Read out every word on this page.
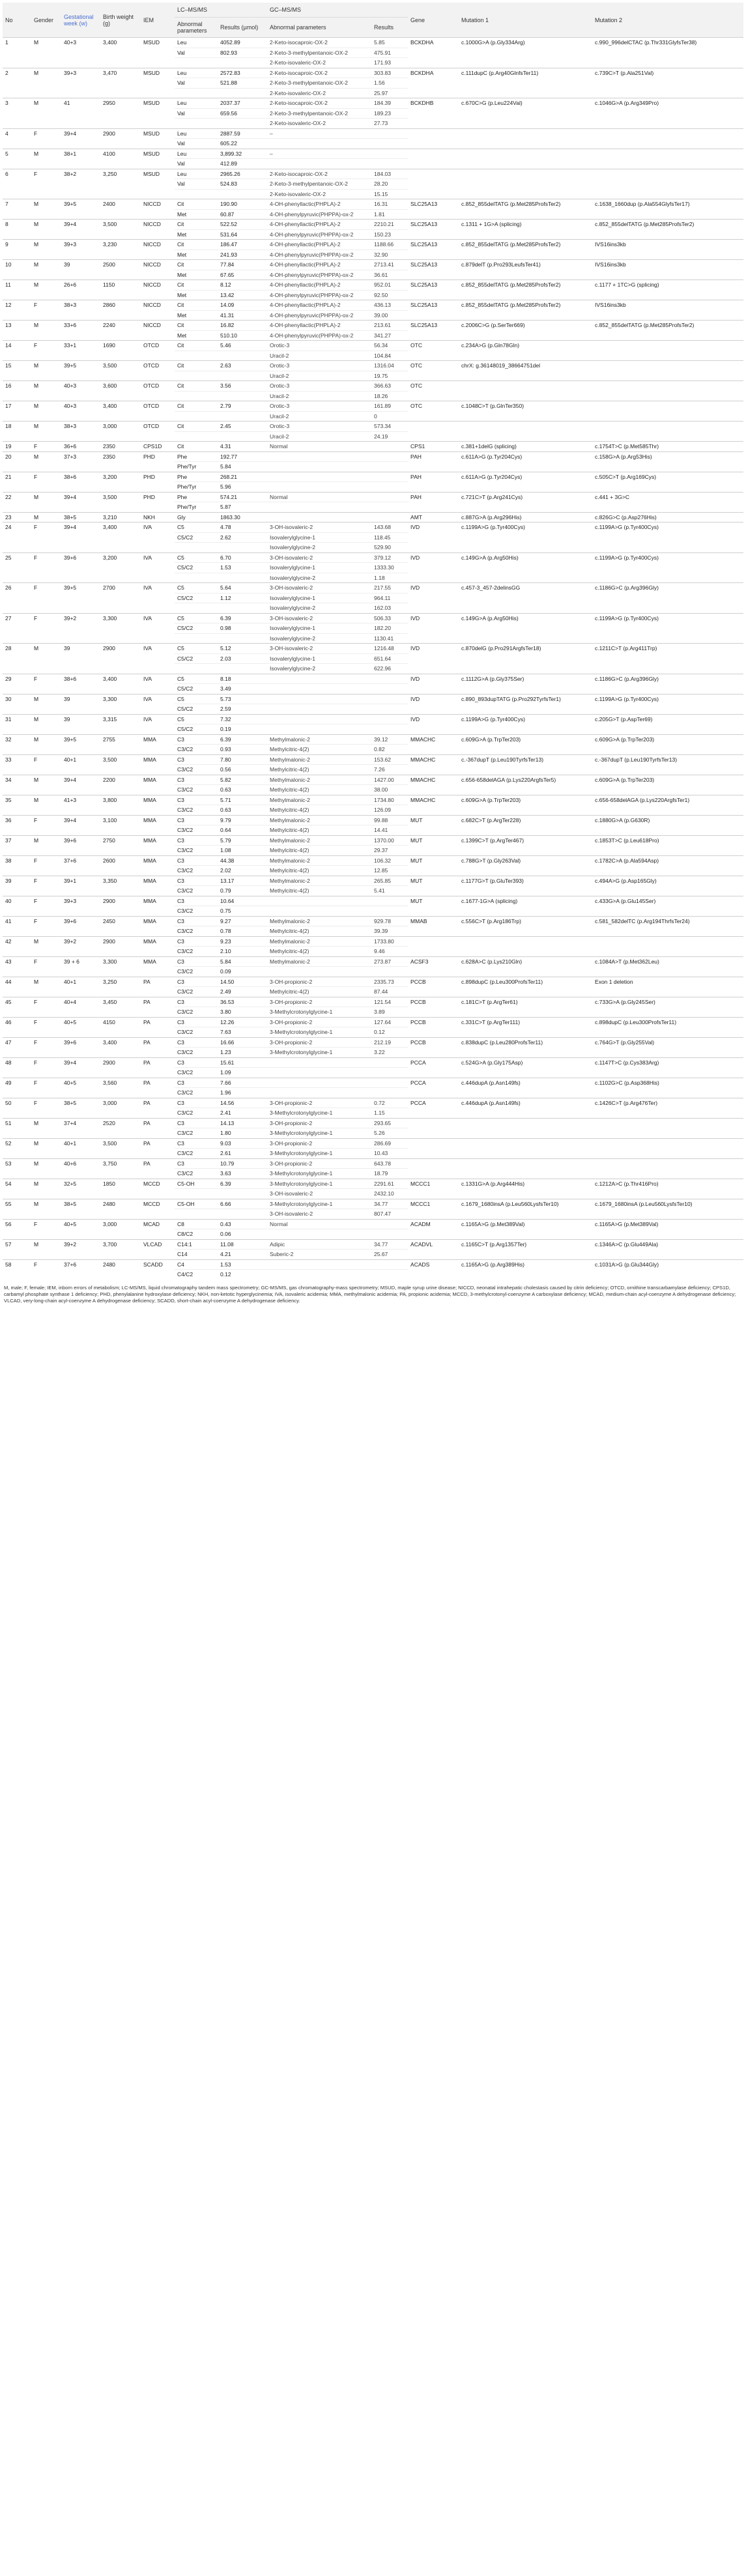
No	Gender	Gestational week (w)	Birth weight (g)	IEM	LC–MS/MS		GC–MS/MS		Gene	Mutation 1	Mutation 2
					Abnormal parameters	Results (µmol)	Abnormal parameters	Results			
1	M	40+3	3,400	MSUD	Leu	4052.89	2-Keto-isocaproic-OX-2	5.85	BCKDHA	c.1000G>A (p.Gly334Arg)	c.990_996delCTAC (p.Thr331GlyfsTer38)
					Val	802.93	2-Keto-3-methylpentanoic-OX-2	475.91			
							2-Keto-isovaleric-OX-2	171.93			
2	M	39+3	3,470	MSUD	Leu	2572.83	2-Keto-isocaproic-OX-2	303.83	BCKDHA	c.111dupC (p.Arg40GlnfsTer11)	c.739C>T (p.Ala251Val)
					Val	521.88	2-Keto-3-methylpentanoic-OX-2	1.56			
							2-Keto-isovaleric-OX-2	25.97			
3	M	41	2950	MSUD	Leu	2037.37	2-Keto-isocaproic-OX-2	184.39	BCKDHB	c.670C>G (p.Leu224Val)	c.1046G>A (p.Arg349Pro)
					Val	659.56	2-Keto-3-methylpentanoic-OX-2	189.23			
							2-Keto-isovaleric-OX-2	27.73			
4	F	39+4	2900	MSUD	Leu	2887.59	–				
					Val	605.22					
5	M	38+1	4100	MSUD	Leu	3,899.32	–				
					Val	412.89					
6	F	38+2	3,250	MSUD	Leu	2965.26	2-Keto-isocaproic-OX-2	184.03			
					Val	524.83	2-Keto-3-methylpentanoic-OX-2	28.20			
							2-Keto-isovaleric-OX-2	15.15			
7	M	39+5	2400	NICCD	Cit	190.90	4-OH-phenyllactic(PHPLA)-2	16.31	SLC25A13	c.852_855delTATG (p.Met285ProfsTer2)	c.1638_1660dup (p.Ala554GlyfsTer17)
					Met	60.87	4-OH-phenylpyruvic(PHPPA)-ox-2	1.81			
8	M	39+4	3,500	NICCD	Cit	522.52	4-OH-phenyllactic(PHPLA)-2	2210.21	SLC25A13	c.1311 + 1G>A (splicing)	c.852_855delTATG (p.Met285ProfsTer2)
					Met	531.64	4-OH-phenylpyruvic(PHPPA)-ox-2	150.23			
9	M	39+3	3,230	NICCD	Cit	186.47	4-OH-phenyllactic(PHPLA)-2	1188.66	SLC25A13	c.852_855delTATG (p.Met285ProfsTer2)	IVS16ins3kb
					Met	241.93	4-OH-phenylpyruvic(PHPPA)-ox-2	32.90			
10	M	39	2500	NICCD	Cit	77.84	4-OH-phenyllactic(PHPLA)-2	2713.41	SLC25A13	c.879delT (p.Pro293LeufsTer41)	IVS16ins3kb
					Met	67.65	4-OH-phenylpyruvic(PHPPA)-ox-2	36.61			
11	M	26+6	1150	NICCD	Cit	8.12	4-OH-phenyllactic(PHPLA)-2	952.01	SLC25A13	c.852_855delTATG (p.Met285ProfsTer2)	c.1177 + 1TC>G (splicing)
					Met	13.42	4-OH-phenylpyruvic(PHPPA)-ox-2	92.50			
12	F	38+3	2860	NICCD	Cit	14.09	4-OH-phenyllactic(PHPLA)-2	436.13	SLC25A13	c.852_855delTATG (p.Met285ProfsTer2)	IVS16ins3kb
					Met	41.31	4-OH-phenylpyruvic(PHPPA)-ox-2	39.00			
13	M	33+6	2240	NICCD	Cit	16.82	4-OH-phenyllactic(PHPLA)-2	213.61	SLC25A13	c.2006C>G (p.SerTer669)	c.852_855delTATG (p.Met285ProfsTer2)
					Met	510.10	4-OH-phenylpyruvic(PHPPA)-ox-2	341.27			
14	F	33+1	1690	OTCD	Cit	5.46	Orotic-3	56.34	OTC	c.234A>G (p.Gln78Gln)	
							Uracil-2	104.84			
15	M	39+5	3,500	OTCD	Cit	2.63	Orotic-3	1316.04	OTC	chrX: g.36148019_38664751del	
							Uracil-2	19.75			
16	M	40+3	3,600	OTCD	Cit	3.56	Orotic-3	366.63	OTC		
							Uracil-2	18.26			
17	M	40+3	3,400	OTCD	Cit	2.79	Orotic-3	161.89	OTC	c.1048C>T (p.GlnTer350)	
							Uracil-2	0			
18	M	38+3	3,000	OTCD	Cit	2.45	Orotic-3	573.34			
							Uracil-2	24.19			
19	F	36+6	2350	CPS1D	Cit	4.31	Normal		CPS1	c.381+1delG (splicing)	c.1754T>C (p.Met585Thr)
20	M	37+3	2350	PHD	Phe	192.77			PAH	c.611A>G (p.Tyr204Cys)	c.158G>A (p.Arg53His)
					Phe/Tyr	5.84					
21	F	38+6	3,200	PHD	Phe	268.21			PAH	c.611A>G (p.Tyr204Cys)	c.505C>T (p.Arg169Cys)
					Phe/Tyr	5.96					
22	M	39+4	3,500	PHD	Phe	574.21	Normal		PAH	c.721C>T (p.Arg241Cys)	c.441 + 3G>C
					Phe/Tyr	5.87					
23	M	38+5	3,210	NKH	Gly	1863.30			AMT	c.887G>A (p.Arg296His)	c.826G>C (p.Asp276His)
24	F	39+4	3,400	IVA	C5	4.78	3-OH-isovaleric-2	143.68	IVD	c.1199A>G (p.Tyr400Cys)	c.1199A>G (p.Tyr400Cys)
					C5/C2	2.62	Isovalerylglycine-1	118.45			
							Isovalerylglycine-2	529.90			
25	F	39+6	3,200	IVA	C5	6.70	3-OH-isovaleric-2	379.12	IVD	c.149G>A (p.Arg50His)	c.1199A>G (p.Tyr400Cys)
					C5/C2	1.53	Isovalerylglycine-1	1333.30			
							Isovalerylglycine-2	1.18			
26	F	39+5	2700	IVA	C5	5.64	3-OH-isovaleric-2	217.55	IVD	c.457-3_457-2delinsGG	c.1186G>C (p.Arg396Gly)
					C5/C2	1.12	Isovalerylglycine-1	964.11			
							Isovalerylglycine-2	162.03			
27	F	39+2	3,300	IVA	C5	6.39	3-OH-isovaleric-2	506.33	IVD	c.149G>A (p.Arg50His)	c.1199A>G (p.Tyr400Cys)
					C5/C2	0.98	Isovalerylglycine-1	182.20			
							Isovalerylglycine-2	1130.41			
28	M	39	2900	IVA	C5	5.12	3-OH-isovaleric-2	1216.48	IVD	c.870delG (p.Pro291ArgfsTer18)	c.1211C>T (p.Arg411Trp)
					C5/C2	2.03	Isovalerylglycine-1	651.64			
							Isovalerylglycine-2	622.96			
29	F	38+6	3,400	IVA	C5	8.18			IVD	c.1112G>A (p.Gly375Ser)	c.1186G>C (p.Arg396Gly)
					C5/C2	3.49					
30	M	39	3,300	IVA	C5	5.73			IVD	c.890_893dupTATG (p.Pro292TyrfsTer1)	c.1199A>G (p.Tyr400Cys)
					C5/C2	2.59					
31	M	39	3,315	IVA	C5	7.32			IVD	c.1199A>G (p.Tyr400Cys)	c.205G>T (p.AspTer69)
					C5/C2	0.19					
32	M	39+5	2755	MMA	C3	6.39	Methylmalonic-2	39.12	MMACHC	c.609G>A (p.TrpTer203)	c.609G>A (p.TrpTer203)
					C3/C2	0.93	Methylcitric-4(2)	0.82			
33	F	40+1	3,500	MMA	C3	7.80	Methylmalonic-2	153.62	MMACHC	c.-367dupT (p.Leu190TyrfsTer13)	c.-367dupT (p.Leu190TyrfsTer13)
					C3/C2	0.56	Methylcitric-4(2)	7.26			
34	M	39+4	2200	MMA	C3	5.82	Methylmalonic-2	1427.00	MMACHC	c.656-658delAGA (p.Lys220ArgfsTer5)	c.609G>A (p.TrpTer203)
					C3/C2	0.63	Methylcitric-4(2)	38.00			
35	M	41+3	3,800	MMA	C3	5.71	Methylmalonic-2	1734.80	MMACHC	c.609G>A (p.TrpTer203)	c.656-658delAGA (p.Lys220ArgfsTer1)
					C3/C2	0.63	Methylcitric-4(2)	126.09			
36	F	39+4	3,100	MMA	C3	9.79	Methylmalonic-2	99.88	MUT	c.682C>T (p.ArgTer228)	c.1880G>A (p.G630R)
					C3/C2	0.64	Methylcitric-4(2)	14.41			
37	M	39+6	2750	MMA	C3	5.79	Methylmalonic-2	1370.00	MUT	c.1399C>T (p.ArgTer467)	c.1853T>C (p.Leu618Pro)
					C3/C2	1.08	Methylcitric-4(2)	29.37			
38	F	37+6	2600	MMA	C3	44.38	Methylmalonic-2	106.32	MUT	c.788G>T (p.Gly263Val)	c.1782C>A (p.Ala594Asp)
					C3/C2	2.02	Methylcitric-4(2)	12.85			
39	F	39+1	3,350	MMA	C3	13.17	Methylmalonic-2	265.85	MUT	c.1177G>T (p.GluTer393)	c.494A>G (p.Asp165Gly)
					C3/C2	0.79	Methylcitric-4(2)	5.41			
40	F	39+3	2900	MMA	C3	10.64			MUT	c.1677-1G>A (splicing)	c.433G>A (p.Glu145Ser)
					C3/C2	0.75					
41	F	39+6	2450	MMA	C3	9.27	Methylmalonic-2	929.78	MMAB	c.556C>T (p.Arg186Trp)	c.581_582delTC (p.Arg194ThrfsTer24)
					C3/C2	0.78	Methylcitric-4(2)	39.39			
42	M	39+2	2900	MMA	C3	9.23	Methylmalonic-2	1733.80			
					C3/C2	2.10	Methylcitric-4(2)	9.46			
43	F	39 + 6	3,300	MMA	C3	5.84	Methylmalonic-2	273.87	ACSF3	c.628A>C (p.Lys210Gln)	c.1084A>T (p.Met362Leu)
					C3/C2	0.09					
44	M	40+1	3,250	PA	C3	14.50	3-OH-propionic-2	2335.73	PCCB	c.898dupC (p.Leu300ProfsTer11)	Exon 1 deletion
					C3/C2	2.49	Methylcitric-4(2)	87.44			
45	F	40+4	3,450	PA	C3	36.53	3-OH-propionic-2	121.54	PCCB	c.181C>T (p.ArgTer61)	c.733G>A (p.Gly245Ser)
					C3/C2	3.80	3-Methylcrotonylglycine-1	3.89			
46	F	40+5	4150	PA	C3	12.26	3-OH-propionic-2	127.64	PCCB	c.331C>T (p.ArgTer111)	c.898dupC (p.Leu300ProfsTer11)
					C3/C2	7.63	3-Methylcrotonylglycine-1	0.12			
47	F	39+6	3,400	PA	C3	16.66	3-OH-propionic-2	212.19	PCCB	c.838dupC (p.Leu280ProfsTer11)	c.764G>T (p.Gly255Val)
					C3/C2	1.23	3-Methylcrotonylglycine-1	3.22			
48	F	39+4	2900	PA	C3	15.61			PCCA	c.524G>A (p.Gly175Asp)	c.1147T>C (p.Cys383Arg)
					C3/C2	1.09					
49	F	40+5	3,560	PA	C3	7.66			PCCA	c.446dupA (p.Asn149fs)	c.1102G>C (p.Asp368His)
					C3/C2	1.96					
50	F	38+5	3,000	PA	C3	14.56	3-OH-propionic-2	0.72	PCCA	c.446dupA (p.Asn149fs)	c.1426C>T (p.Arg476Ter)
					C3/C2	2.41	3-Methylcrotonylglycine-1	1.15			
51	M	37+4	2520	PA	C3	14.13	3-OH-propionic-2	293.65			
					C3/C2	1.80	3-Methylcrotonylglycine-1	5.26			
52	M	40+1	3,500	PA	C3	9.03	3-OH-propionic-2	286.69			
					C3/C2	2.61	3-Methylcrotonylglycine-1	10.43			
53	M	40+6	3,750	PA	C3	10.79	3-OH-propionic-2	643.78			
					C3/C2	3.63	3-Methylcrotonylglycine-1	18.79			
54	M	32+5	1850	MCCD	C5-OH	6.39	3-Methylcrotonylglycine-1	2291.61	MCCC1	c.1331G>A (p.Arg444His)	c.1212A>C (p.Thr416Pro)
							3-OH-isovaleric-2	2432.10			
55	M	38+5	2480	MCCD	C5-OH	6.66	3-Methylcrotonylglycine-1	34.77	MCCC1	c.1679_1680insA (p.Leu560LysfsTer10)	c.1679_1680insA (p.Leu560LysfsTer10)
							3-OH-isovaleric-2	807.47			
56	F	40+5	3,000	MCAD	C8	0.43	Normal		ACADM	c.1165A>G (p.Met389Val)	c.1165A>G (p.Met389Val)
					C8/C2	0.06					
57	M	39+2	3,700	VLCAD	C14:1	11.08	Adipic	34.77	ACADVL	c.1165C>T (p.Arg1357Ter)	c.1346A>C (p.Glu449Ala)
					C14	4.21	Suberic-2	25.67			
58	F	37+6	2480	SCADD	C4	1.53			ACADS	c.1165A>G (p.Arg389His)	c.1031A>G (p.Glu344Gly)
					C4/C2	0.12					
M, male; F, female; IEM, inborn errors of metabolism; LC-MS/MS, liquid chromatography tandem mass spectrometry; GC-MS/MS, gas chromatography-mass spectrometry; MSUD, maple syrup urine disease; NICCD, neonatal intrahepatic cholestasis caused by citrin deficiency; OTCD, ornithine transcarbamylase deficiency; CPS1D, carbamyl phosphate synthase 1 deficiency; PHD, phenylalanine hydroxylase deficiency; NKH, non-ketotic hyperglycinemia; IVA, isovaleric acidemia; MMA, methylmalonic acidemia; PA, propionic acidemia; MCCD, 3-methylcrotonyl-coenzyme A carboxylase deficiency; MCAD, medium-chain acyl-coenzyme A dehydrogenase deficiency; VLCAD, very-long-chain acyl-coenzyme A dehydrogenase deficiency; SCADD, short-chain acyl-coenzyme A dehydrogenase deficiency.
